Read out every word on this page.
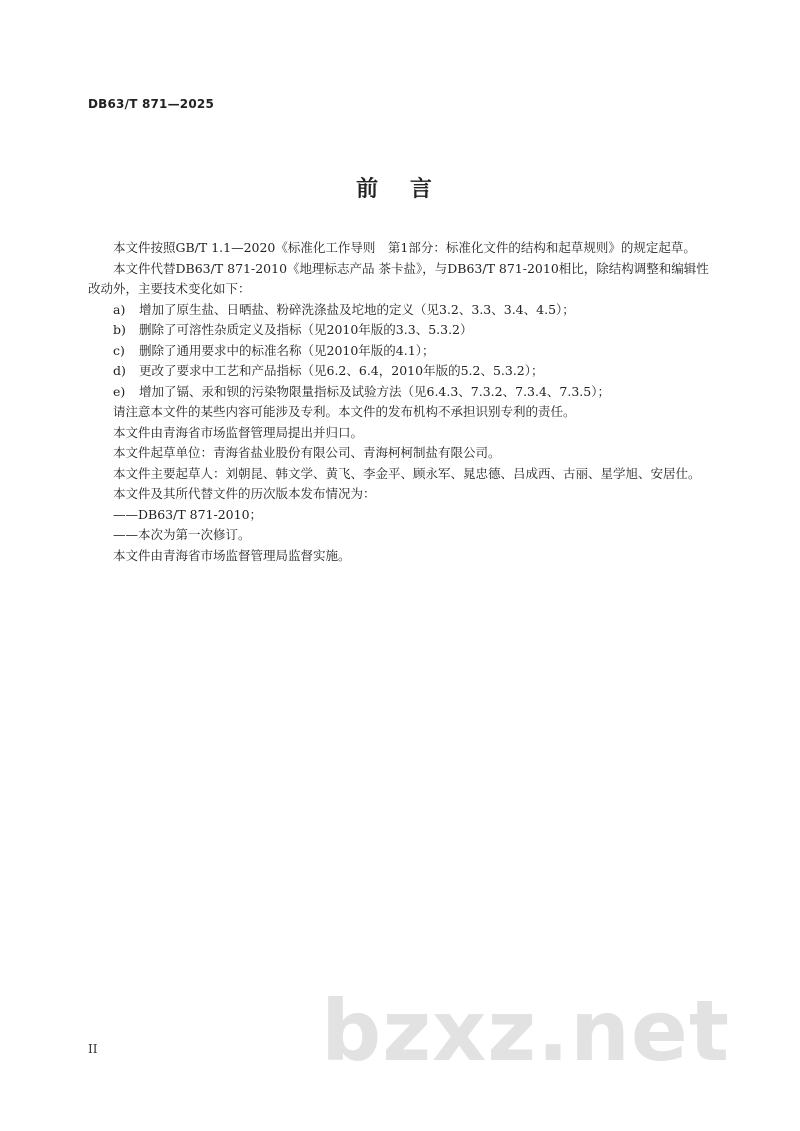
DB63/T 871—2025
前 言

本文件按照GB/T 1.1—2020《标准化工作导则　第1部分：标准化文件的结构和起草规则》的规定起草。

本文件代替DB63/T 871-2010《地理标志产品 茶卡盐》，与DB63/T 871-2010相比，除结构调整和编辑性改动外，主要技术变化如下：

a)	增加了原生盐、日晒盐、粉碎洗涤盐及坨地的定义（见3.2、3.3、3.4、4.5）；
b)	删除了可溶性杂质定义及指标（见2010年版的3.3、5.3.2）
c)	删除了通用要求中的标准名称（见2010年版的4.1）；
d)	更改了要求中工艺和产品指标（见6.2、6.4，2010年版的5.2、5.3.2）；
e)	增加了镉、汞和钡的污染物限量指标及试验方法（见6.4.3、7.3.2、7.3.4、7.3.5）；

请注意本文件的某些内容可能涉及专利。本文件的发布机构不承担识别专利的责任。

本文件由青海省市场监督管理局提出并归口。

本文件起草单位：青海省盐业股份有限公司、青海柯柯制盐有限公司。

本文件主要起草人：刘朝昆、韩文学、黄飞、李金平、顾永军、晁忠德、吕成西、古丽、星学旭、安居仕。

本文件及其所代替文件的历次版本发布情况为：

——DB63/T 871-2010；

——本次为第一次修订。

本文件由青海省市场监督管理局监督实施。

II	bzxz.net
